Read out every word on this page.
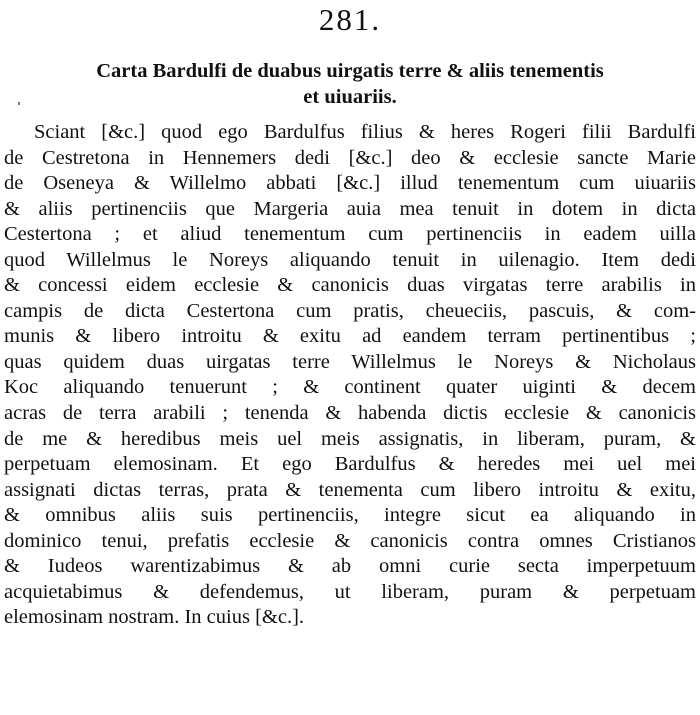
281.
Carta Bardulfi de duabus uirgatis terre & aliis tenementis
et uiuariis.
Sciant [&c.] quod ego Bardulfus filius & heres Rogeri filii Bardulfi
de Cestretona in Hennemers dedi [&c.] deo & ecclesie sancte Marie
de Oseneya & Willelmo abbati [&c.] illud tenementum cum uiuariis
& aliis pertinenciis que Margeria auia mea tenuit in dotem in dicta
Cestertona ; et aliud tenementum cum pertinenciis in eadem uilla
quod Willelmus le Noreys aliquando tenuit in uilenagio. Item dedi
& concessi eidem ecclesie & canonicis duas virgatas terre arabilis in
campis de dicta Cestertona cum pratis, cheueciis, pascuis, & com-
munis & libero introitu & exitu ad eandem terram pertinentibus ;
quas quidem duas uirgatas terre Willelmus le Noreys & Nicholaus
Koc aliquando tenuerunt ; & continent quater uiginti & decem
acras de terra arabili ; tenenda & habenda dictis ecclesie & canonicis
de me & heredibus meis uel meis assignatis, in liberam, puram, &
perpetuam elemosinam. Et ego Bardulfus & heredes mei uel mei
assignati dictas terras, prata & tenementa cum libero introitu & exitu,
& omnibus aliis suis pertinenciis, integre sicut ea aliquando in
dominico tenui, prefatis ecclesie & canonicis contra omnes Cristianos
& Iudeos warentizabimus & ab omni curie secta imperpetuum
acquietabimus & defendemus, ut liberam, puram & perpetuam
elemosinam nostram. In cuius [&c.].
